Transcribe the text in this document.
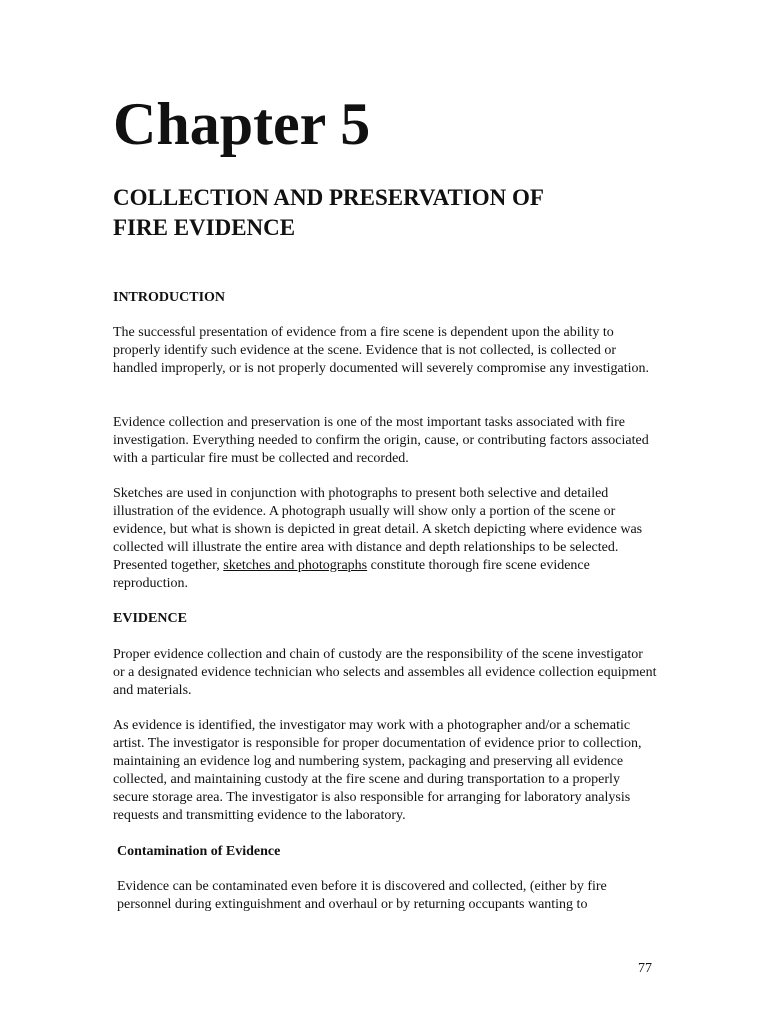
Chapter 5
COLLECTION AND PRESERVATION OF
FIRE EVIDENCE
INTRODUCTION

The successful presentation of evidence from a fire scene is dependent upon the ability to properly identify such evidence at the scene. Evidence that is not collected, is collected or handled improperly, or is not properly documented will severely compromise any investigation.

Evidence collection and preservation is one of the most important tasks associated with fire investigation. Everything needed to confirm the origin, cause, or contributing factors associated with a particular fire must be collected and recorded.

Sketches are used in conjunction with photographs to present both selective and detailed illustration of the evidence. A photograph usually will show only a portion of the scene or evidence, but what is shown is depicted in great detail. A sketch depicting where evidence was collected will illustrate the entire area with distance and depth relationships to be selected. Presented together, sketches and photographs constitute thorough fire scene evidence reproduction.

EVIDENCE

Proper evidence collection and chain of custody are the responsibility of the scene investigator or a designated evidence technician who selects and assembles all evidence collection equipment and materials.

As evidence is identified, the investigator may work with a photographer and/or a schematic artist. The investigator is responsible for proper documentation of evidence prior to collection, maintaining an evidence log and numbering system, packaging and preserving all evidence collected, and maintaining custody at the fire scene and during transportation to a properly secure storage area. The investigator is also responsible for arranging for laboratory analysis requests and transmitting evidence to the laboratory.

Contamination of Evidence

Evidence can be contaminated even before it is discovered and collected, (either by fire personnel during extinguishment and overhaul or by returning occupants wanting to

77
